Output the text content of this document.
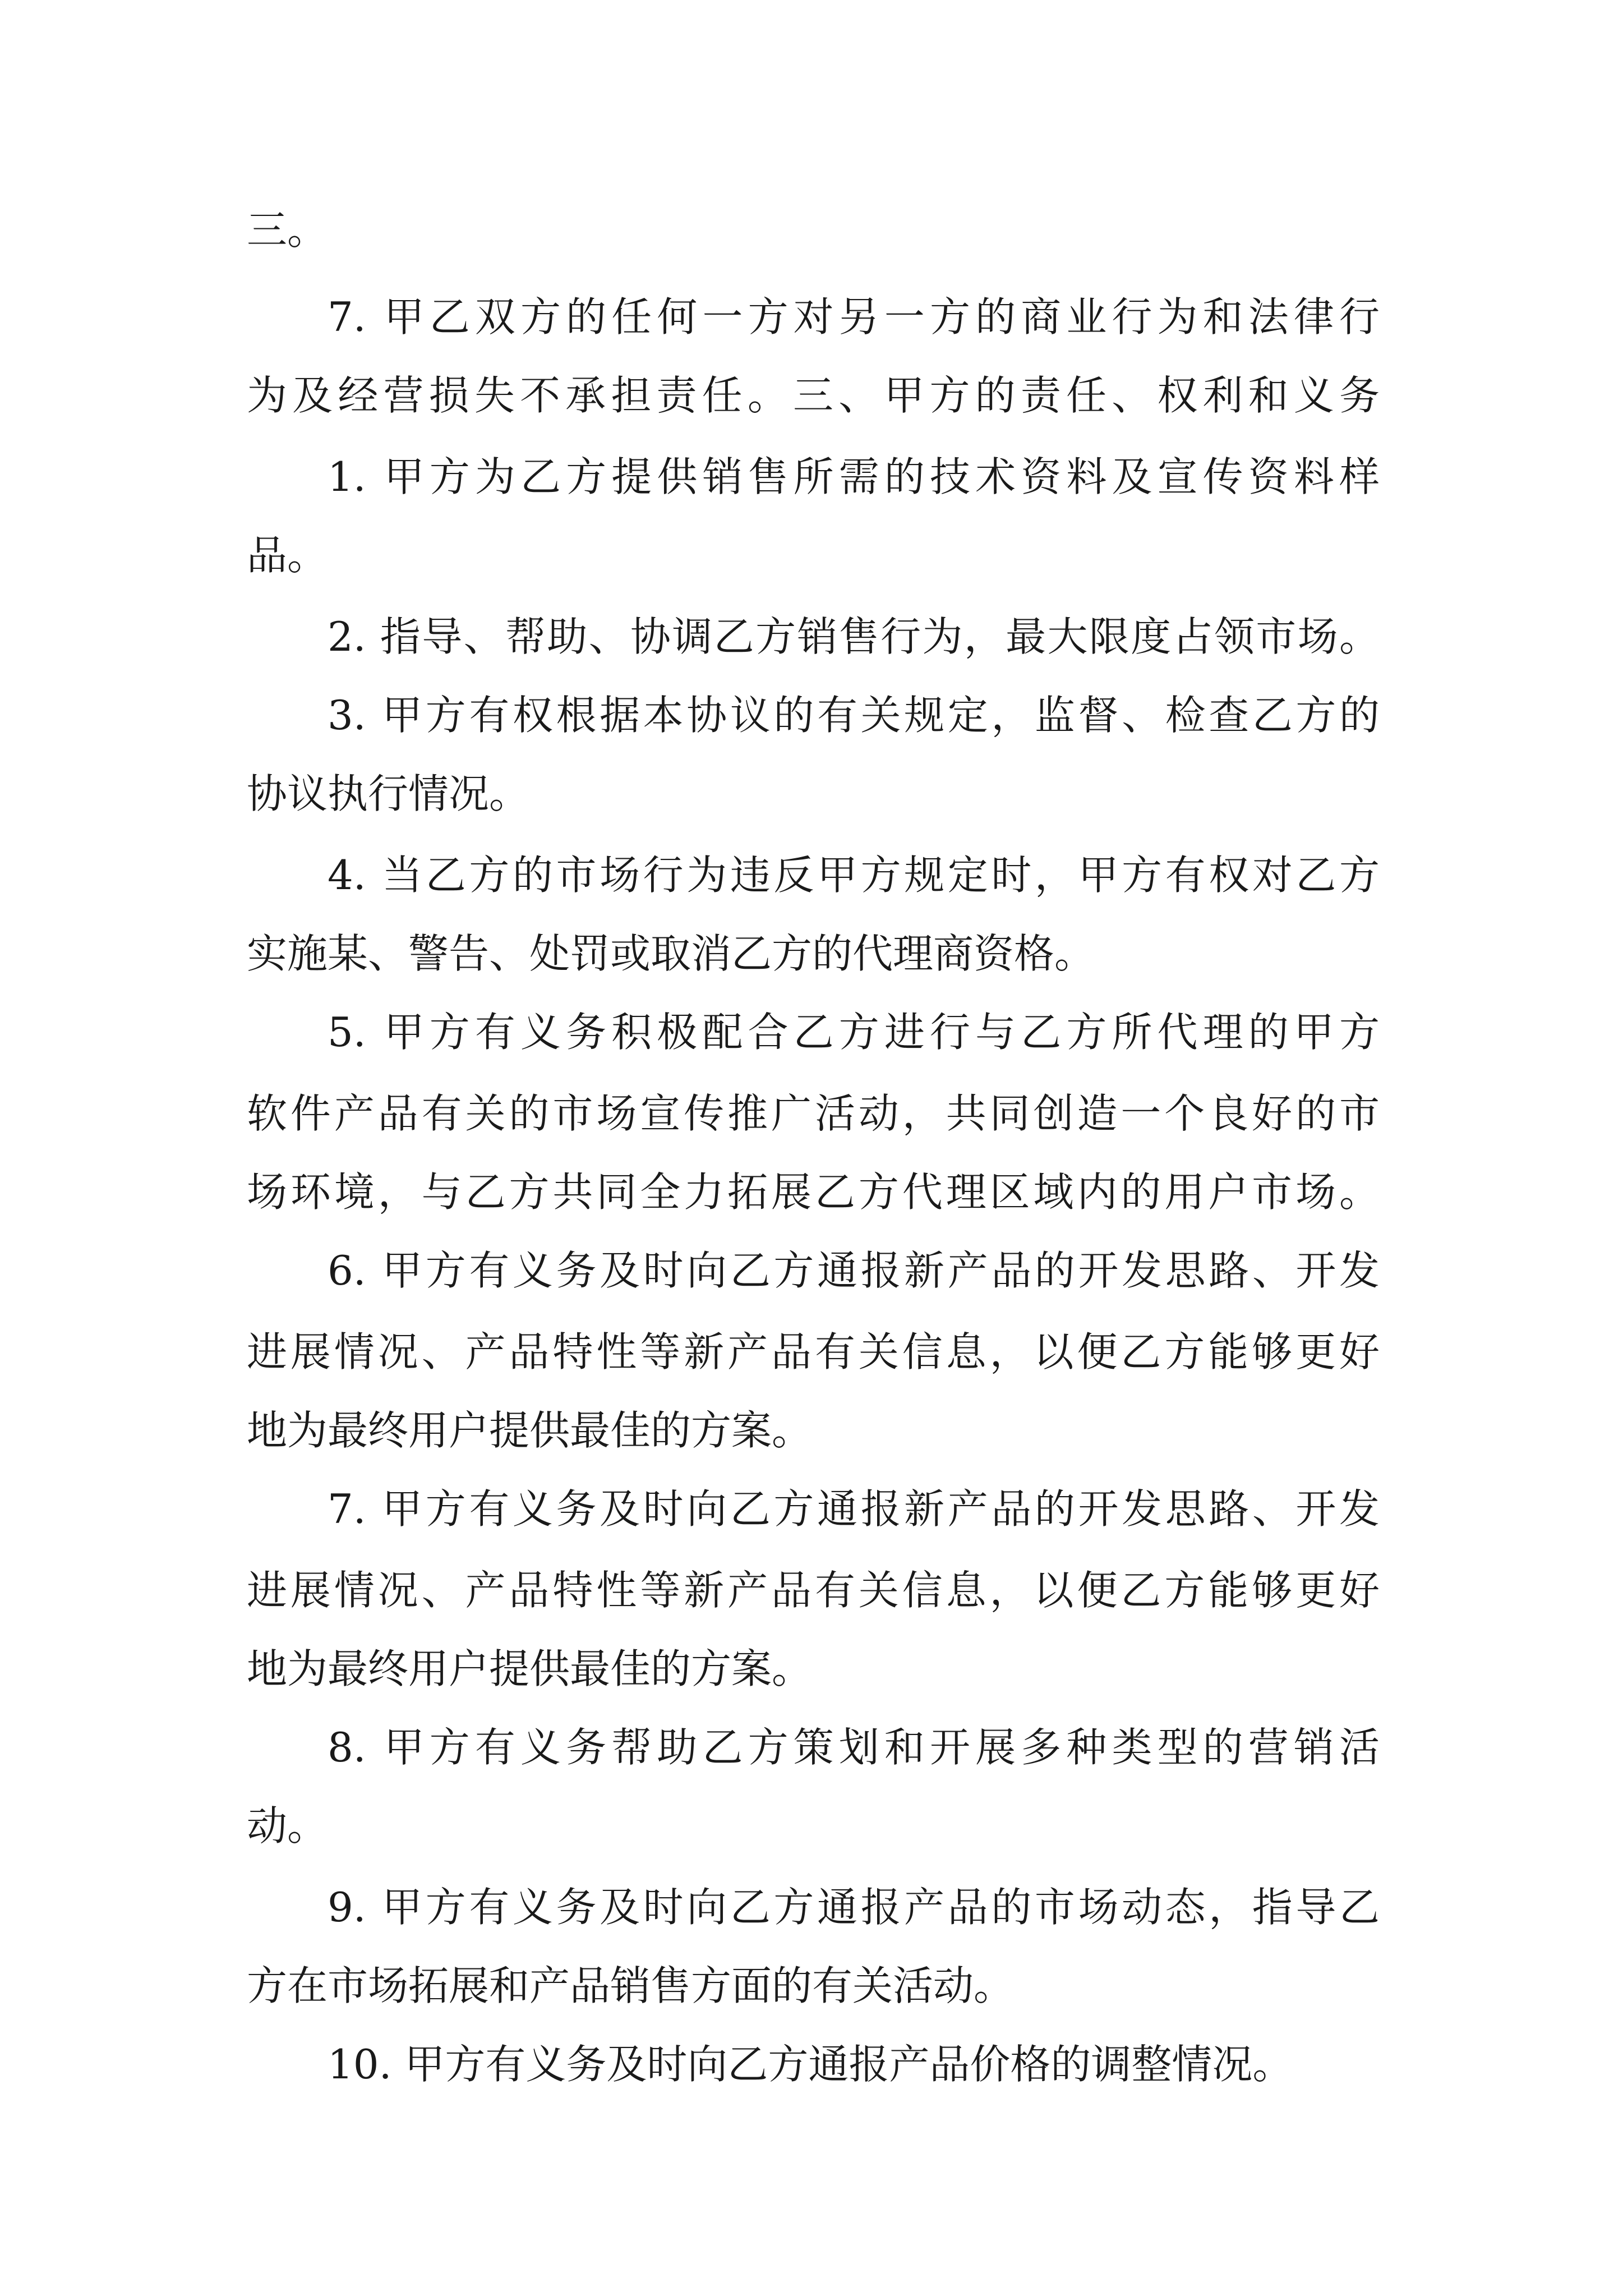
三。

7. 甲乙双方的任何一方对另一方的商业行为和法律行

为及经营损失不承担责任。三、甲方的责任、权利和义务

1. 甲方为乙方提供销售所需的技术资料及宣传资料样

品。

2. 指导、帮助、协调乙方销售行为，最大限度占领市场。

3. 甲方有权根据本协议的有关规定，监督、检查乙方的

协议执行情况。

4. 当乙方的市场行为违反甲方规定时，甲方有权对乙方

实施某、警告、处罚或取消乙方的代理商资格。

5. 甲方有义务积极配合乙方进行与乙方所代理的甲方

软件产品有关的市场宣传推广活动，共同创造一个良好的市

场环境，与乙方共同全力拓展乙方代理区域内的用户市场。

6. 甲方有义务及时向乙方通报新产品的开发思路、开发

进展情况、产品特性等新产品有关信息，以便乙方能够更好

地为最终用户提供最佳的方案。

7. 甲方有义务及时向乙方通报新产品的开发思路、开发

进展情况、产品特性等新产品有关信息，以便乙方能够更好

地为最终用户提供最佳的方案。

8. 甲方有义务帮助乙方策划和开展多种类型的营销活

动。

9. 甲方有义务及时向乙方通报产品的市场动态，指导乙

方在市场拓展和产品销售方面的有关活动。

10. 甲方有义务及时向乙方通报产品价格的调整情况。
